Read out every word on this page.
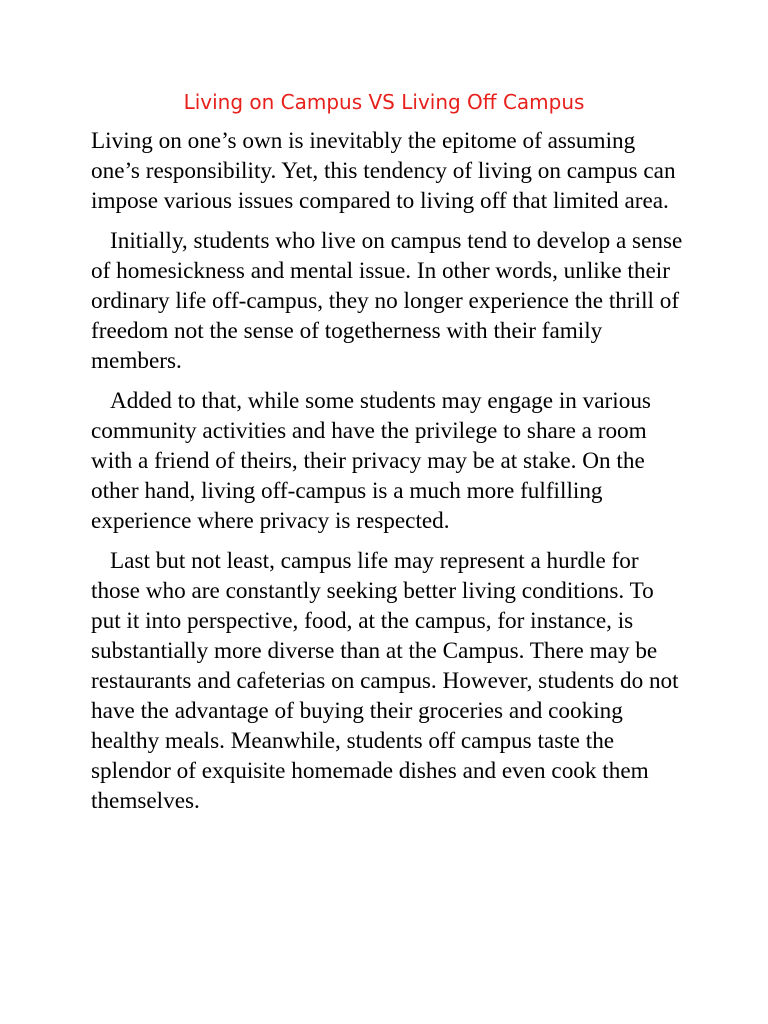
Living on Campus VS Living Off Campus

Living on one’s own is inevitably the epitome of assuming one’s responsibility. Yet, this tendency of living on campus can impose various issues compared to living off that limited area.

Initially, students who live on campus tend to develop a sense of homesickness and mental issue. In other words, unlike their ordinary life off-campus, they no longer experience the thrill of freedom not the sense of togetherness with their family members.

Added to that, while some students may engage in various community activities and have the privilege to share a room with a friend of theirs, their privacy may be at stake. On the other hand, living off-campus is a much more fulfilling experience where privacy is respected.

Last but not least, campus life may represent a hurdle for those who are constantly seeking better living conditions. To put it into perspective, food, at the campus, for instance, is substantially more diverse than at the Campus. There may be restaurants and cafeterias on campus. However, students do not have the advantage of buying their groceries and cooking healthy meals. Meanwhile, students off campus taste the splendor of exquisite homemade dishes and even cook them themselves.
